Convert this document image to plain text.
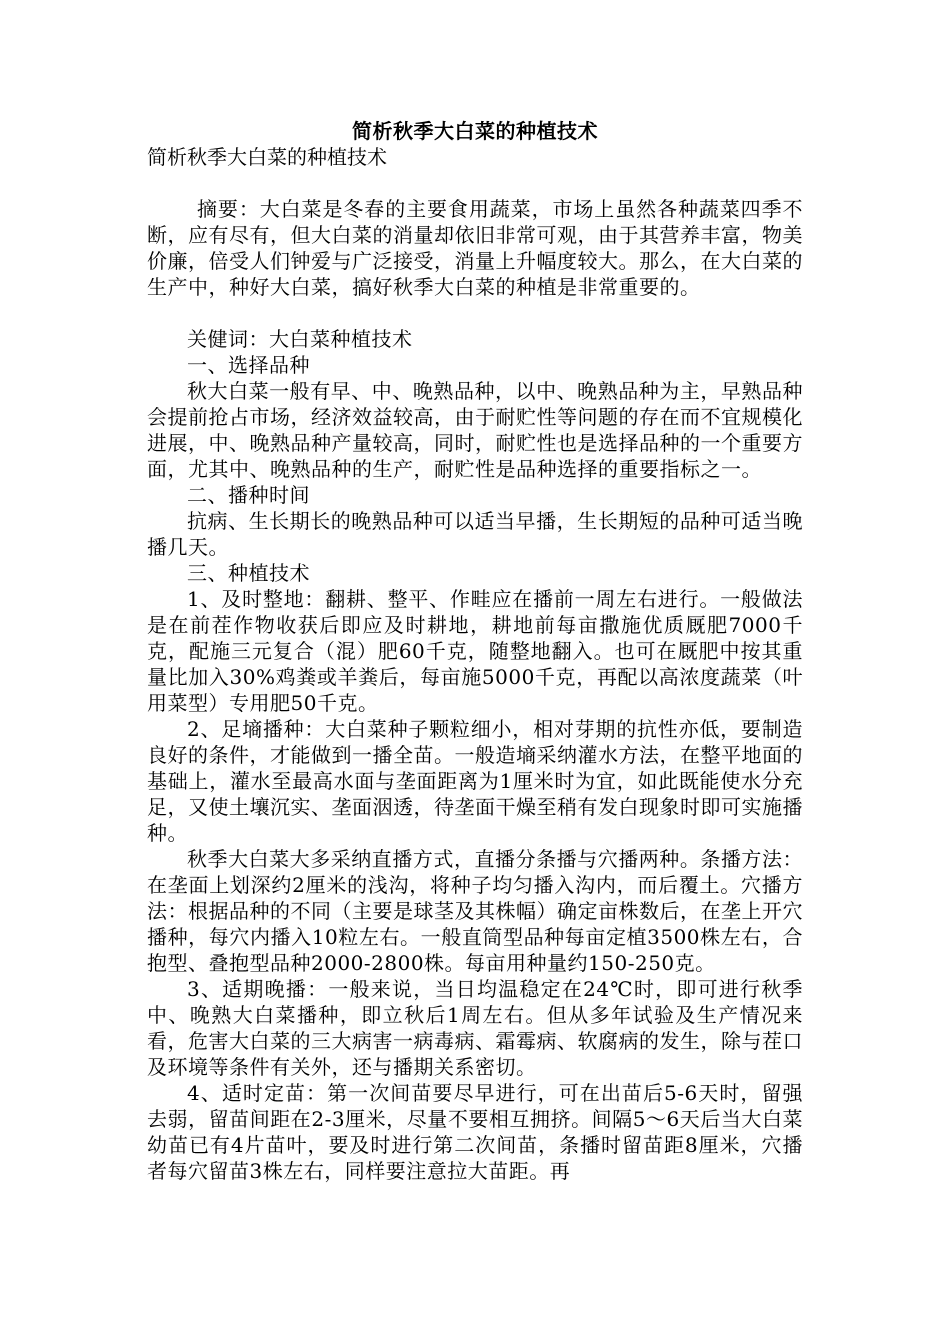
简析秋季大白菜的种植技术

简析秋季大白菜的种植技术

摘要：大白菜是冬春的主要食用蔬菜，市场上虽然各种蔬菜四季不断，应有尽有，但大白菜的消量却依旧非常可观，由于其营养丰富，物美价廉，倍受人们钟爱与广泛接受，消量上升幅度较大。那么，在大白菜的生产中，种好大白菜，搞好秋季大白菜的种植是非常重要的。

关健词：大白菜种植技术

一、选择品种

秋大白菜一般有早、中、晚熟品种，以中、晚熟品种为主，早熟品种会提前抢占市场，经济效益较高，由于耐贮性等问题的存在而不宜规模化进展，中、晚熟品种产量较高，同时，耐贮性也是选择品种的一个重要方面，尤其中、晚熟品种的生产，耐贮性是品种选择的重要指标之一。

二、播种时间

抗病、生长期长的晚熟品种可以适当早播，生长期短的品种可适当晚播几天。

三、种植技术

1、及时整地：翻耕、整平、作畦应在播前一周左右进行。一般做法是在前茬作物收获后即应及时耕地，耕地前每亩撒施优质厩肥7000千克，配施三元复合（混）肥60千克，随整地翻入。也可在厩肥中按其重量比加入30%鸡粪或羊粪后，每亩施5000千克，再配以高浓度蔬菜（叶用菜型）专用肥50千克。

2、足墒播种：大白菜种子颗粒细小，相对芽期的抗性亦低，要制造良好的条件，才能做到一播全苗。一般造墒采纳灌水方法，在整平地面的基础上，灌水至最高水面与垄面距离为1厘米时为宜，如此既能使水分充足，又使土壤沉实、垄面洇透，待垄面干燥至稍有发白现象时即可实施播种。

秋季大白菜大多采纳直播方式，直播分条播与穴播两种。条播方法：在垄面上划深约2厘米的浅沟，将种子均匀播入沟内，而后覆土。穴播方法：根据品种的不同（主要是球茎及其株幅）确定亩株数后，在垄上开穴播种，每穴内播入10粒左右。一般直筒型品种每亩定植3500株左右，合抱型、叠抱型品种2000-2800株。每亩用种量约150-250克。

3、适期晚播：一般来说，当日均温稳定在24℃时，即可进行秋季中、晚熟大白菜播种，即立秋后1周左右。但从多年试验及生产情况来看，危害大白菜的三大病害一病毒病、霜霉病、软腐病的发生，除与茬口及环境等条件有关外，还与播期关系密切。

4、适时定苗：第一次间苗要尽早进行，可在出苗后5-6天时，留强去弱，留苗间距在2-3厘米，尽量不要相互拥挤。间隔5～6天后当大白菜幼苗已有4片苗叶，要及时进行第二次间苗，条播时留苗距8厘米，穴播者每穴留苗3株左右，同样要注意拉大苗距。再
